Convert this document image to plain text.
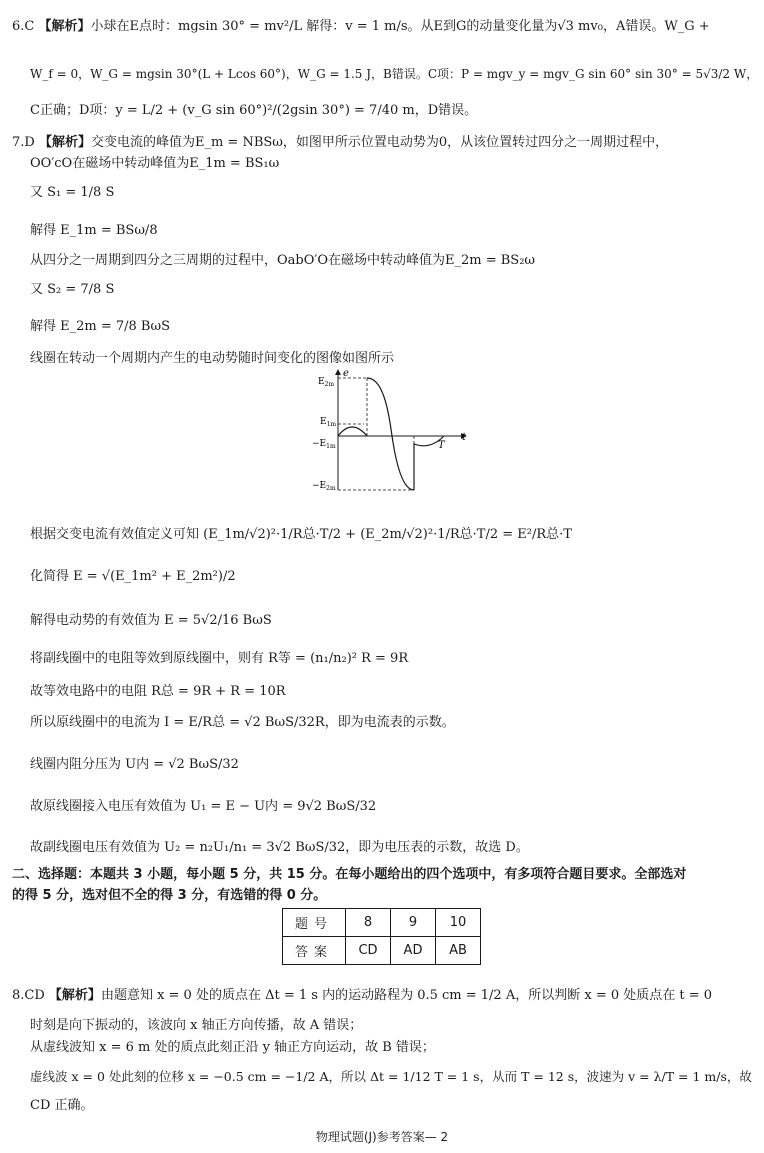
6.C 【解析】小球在E点时：mgsin 30° = mv²/L 解得：v = 1 m/s。从E到G的动量变化量为√3 mv₀，A错误。W_G +
W_f = 0，W_G = mgsin 30°(L + Lcos 60°)，W_G = 1.5 J，B错误。C项：P = mgv_y = mgv_G sin 60° sin 30° = 5√3/2 W，
C正确；D项：y = L/2 + (v_G sin 60°)²/(2gsin 30°) = 7/40 m，D错误。
7.D 【解析】交变电流的峰值为E_m = NBSω，如图甲所示位置电动势为0，从该位置转过四分之一周期过程中，
OO′cO在磁场中转动峰值为E_1m = BS₁ω
又 S₁ = 1/8 S
解得 E_1m = BSω/8
从四分之一周期到四分之三周期的过程中，OabO′O在磁场中转动峰值为E_2m = BS₂ω
又 S₂ = 7/8 S
解得 E_2m = 7/8 BωS
线圈在转动一个周期内产生的电动势随时间变化的图像如图所示
e
t
$E_{2m}$
$E_{1m}$
$-E_{1m}$
$-E_{2m}$
T
根据交变电流有效值定义可知 (E_1m/√2)²·1/R总·T/2 + (E_2m/√2)²·1/R总·T/2 = E²/R总·T
化简得 E = √(E_1m² + E_2m²)/2
解得电动势的有效值为 E = 5√2/16 BωS
将副线圈中的电阻等效到原线圈中，则有 R等 = (n₁/n₂)² R = 9R
故等效电路中的电阻 R总 = 9R + R = 10R
所以原线圈中的电流为 I = E/R总 = √2 BωS/32R，即为电流表的示数。
线圈内阻分压为 U内 = √2 BωS/32
故原线圈接入电压有效值为 U₁ = E − U内 = 9√2 BωS/32
故副线圈电压有效值为 U₂ = n₂U₁/n₁ = 3√2 BωS/32，即为电压表的示数，故选 D。
二、选择题：本题共 3 小题，每小题 5 分，共 15 分。在每小题给出的四个选项中，有多项符合题目要求。全部选对
的得 5 分，选对但不全的得 3 分，有选错的得 0 分。
题号	8	9	10
答案	CD	AD	AB
8.CD 【解析】由题意知 x = 0 处的质点在 Δt = 1 s 内的运动路程为 0.5 cm = 1/2 A，所以判断 x = 0 处质点在 t = 0
时刻是向下振动的，该波向 x 轴正方向传播，故 A 错误；
从虚线波知 x = 6 m 处的质点此刻正沿 y 轴正方向运动，故 B 错误；
虚线波 x = 0 处此刻的位移 x = −0.5 cm = −1/2 A，所以 Δt = 1/12 T = 1 s，从而 T = 12 s，波速为 v = λ/T = 1 m/s，故
CD 正确。
物理试题(J)参考答案— 2
